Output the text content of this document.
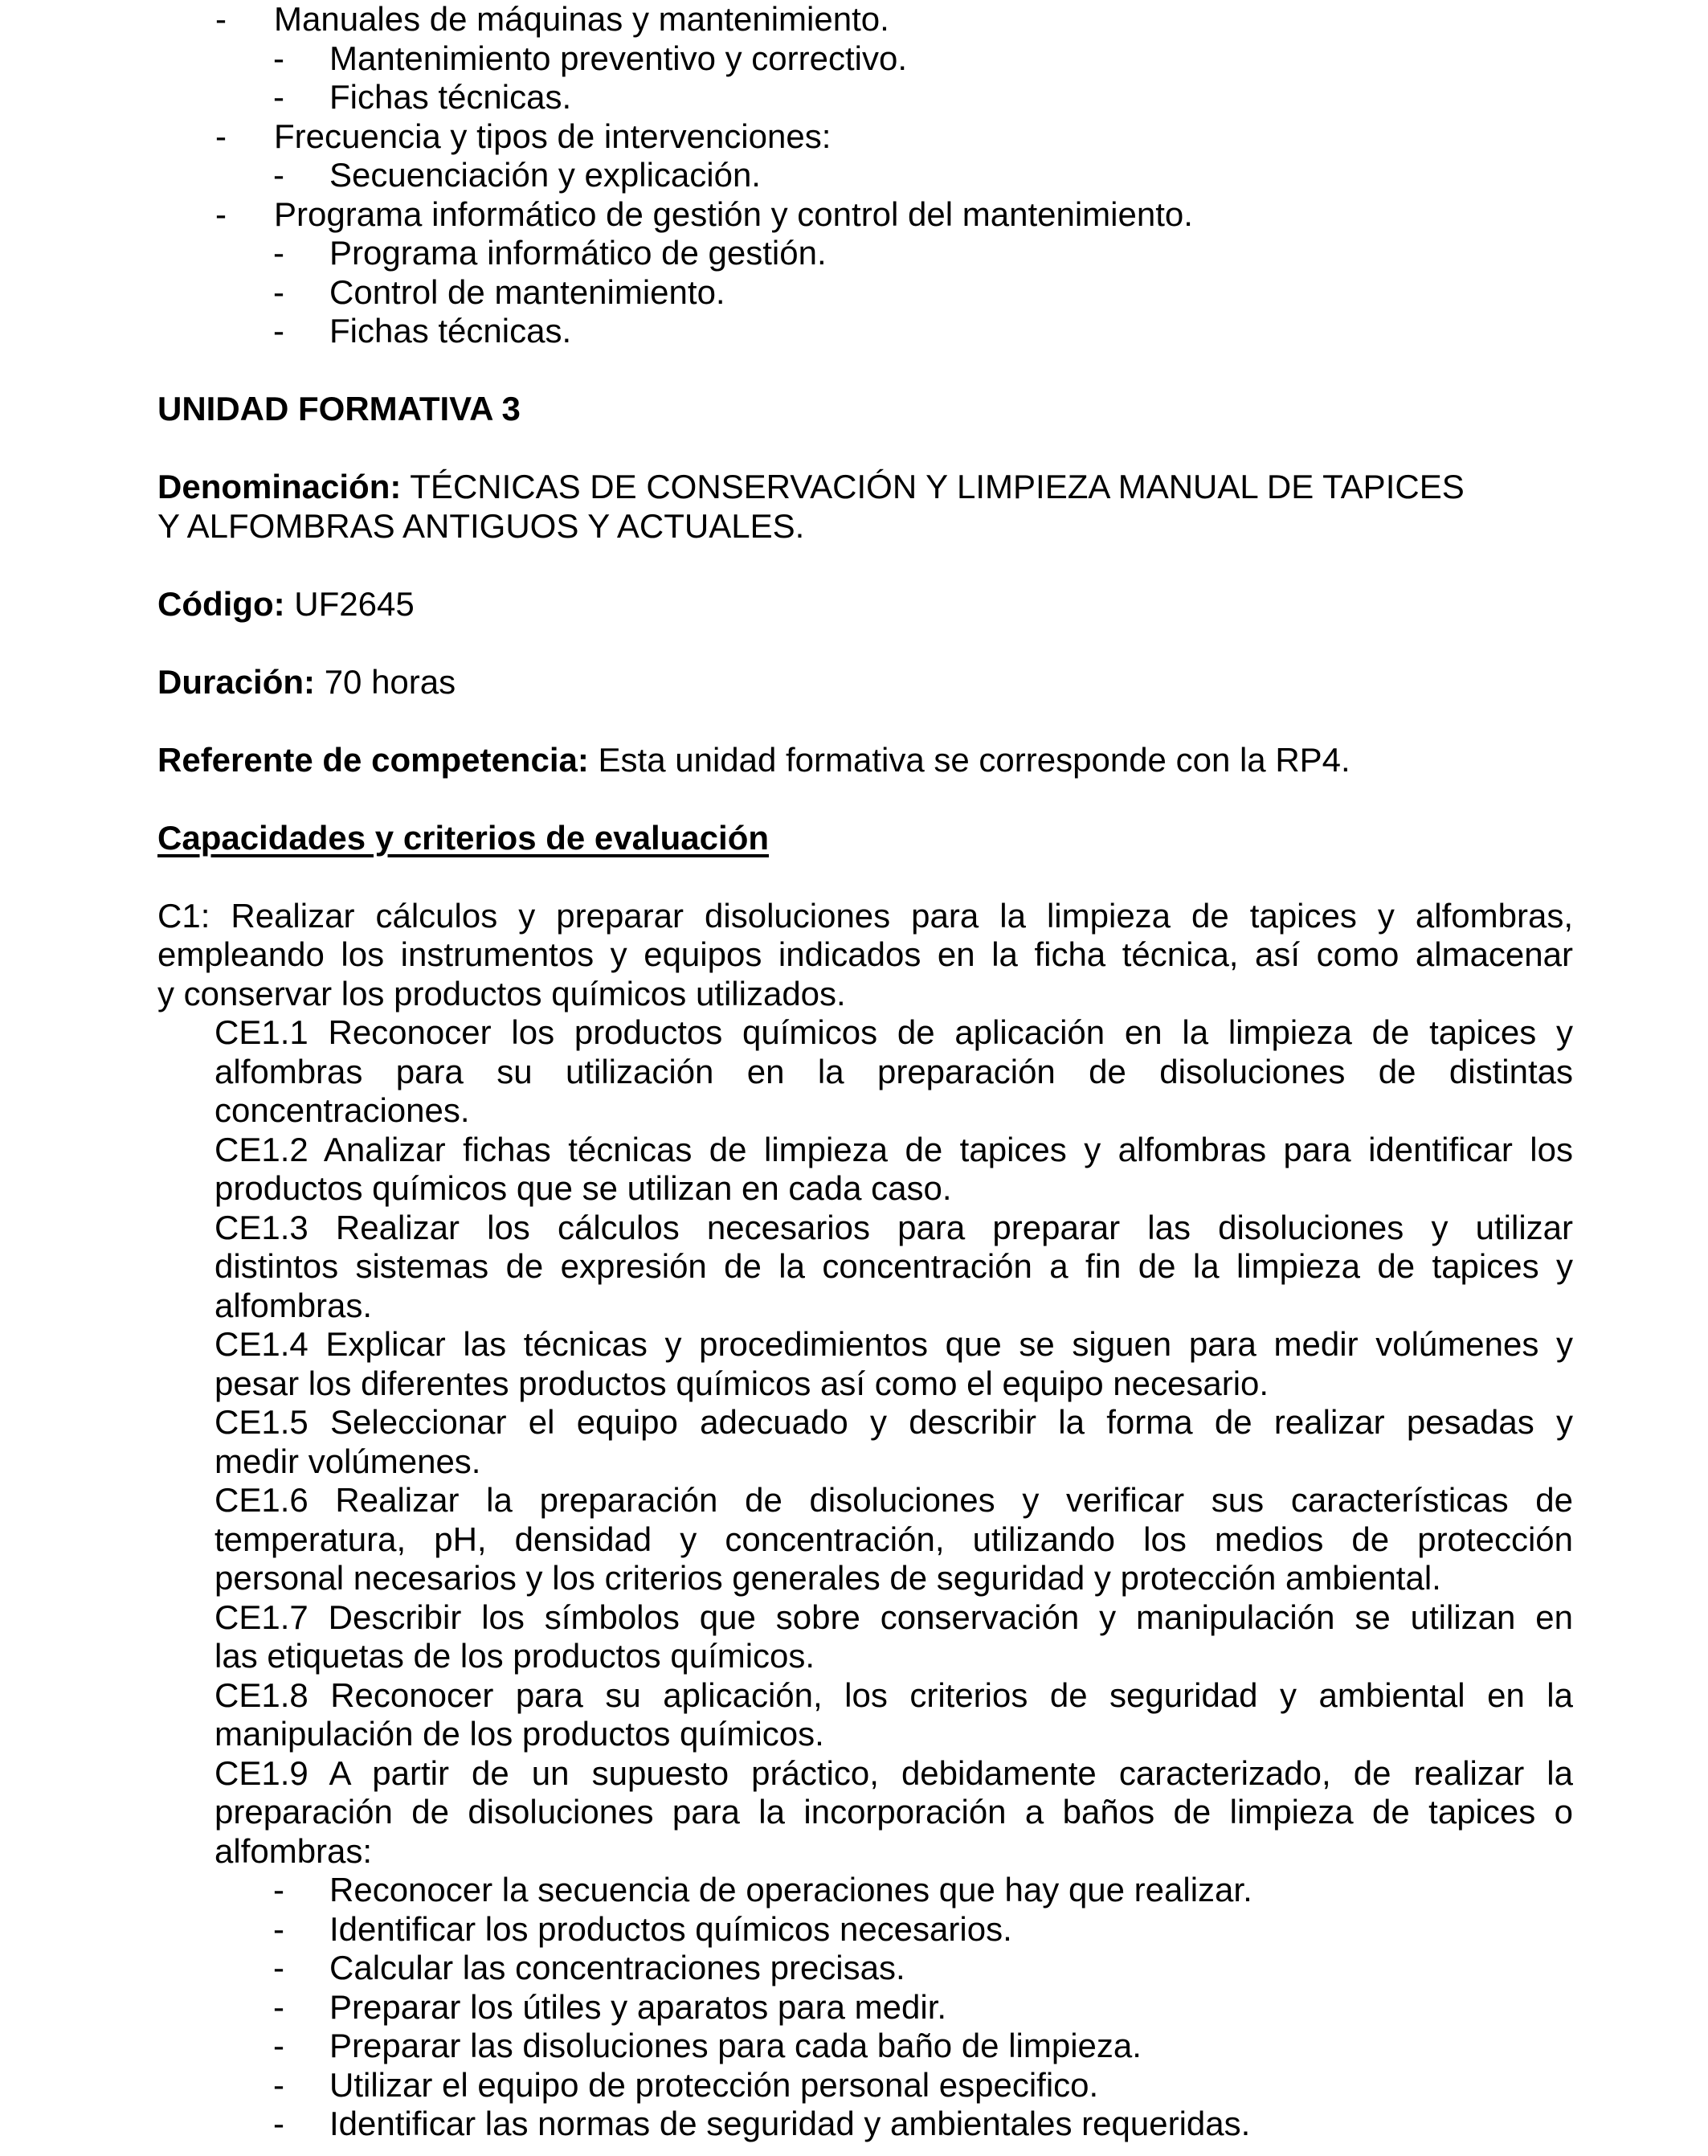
- Manuales de máquinas y mantenimiento.
- Mantenimiento preventivo y correctivo.
- Fichas técnicas.
- Frecuencia y tipos de intervenciones:
- Secuenciación y explicación.
- Programa informático de gestión y control del mantenimiento.
- Programa informático de gestión.
- Control de mantenimiento.
- Fichas técnicas.
UNIDAD FORMATIVA 3
Denominación: TÉCNICAS DE CONSERVACIÓN Y LIMPIEZA MANUAL DE TAPICES
Y ALFOMBRAS ANTIGUOS Y ACTUALES.
Código: UF2645
Duración: 70 horas
Referente de competencia: Esta unidad formativa se corresponde con la RP4.
Capacidades y criterios de evaluación
C1: Realizar cálculos y preparar disoluciones para la limpieza de tapices y alfombras,
empleando los instrumentos y equipos indicados en la ficha técnica, así como almacenar
y conservar los productos químicos utilizados.
CE1.1 Reconocer los productos químicos de aplicación en la limpieza de tapices y
alfombras para su utilización en la preparación de disoluciones de distintas
concentraciones.
CE1.2 Analizar fichas técnicas de limpieza de tapices y alfombras para identificar los
productos químicos que se utilizan en cada caso.
CE1.3 Realizar los cálculos necesarios para preparar las disoluciones y utilizar
distintos sistemas de expresión de la concentración a fin de la limpieza de tapices y
alfombras.
CE1.4 Explicar las técnicas y procedimientos que se siguen para medir volúmenes y
pesar los diferentes productos químicos así como el equipo necesario.
CE1.5 Seleccionar el equipo adecuado y describir la forma de realizar pesadas y
medir volúmenes.
CE1.6 Realizar la preparación de disoluciones y verificar sus características de
temperatura, pH, densidad y concentración, utilizando los medios de protección
personal necesarios y los criterios generales de seguridad y protección ambiental.
CE1.7 Describir los símbolos que sobre conservación y manipulación se utilizan en
las etiquetas de los productos químicos.
CE1.8 Reconocer para su aplicación, los criterios de seguridad y ambiental en la
manipulación de los productos químicos.
CE1.9 A partir de un supuesto práctico, debidamente caracterizado, de realizar la
preparación de disoluciones para la incorporación a baños de limpieza de tapices o
alfombras:
- Reconocer la secuencia de operaciones que hay que realizar.
- Identificar los productos químicos necesarios.
- Calcular las concentraciones precisas.
- Preparar los útiles y aparatos para medir.
- Preparar las disoluciones para cada baño de limpieza.
- Utilizar el equipo de protección personal especifico.
- Identificar las normas de seguridad y ambientales requeridas.
